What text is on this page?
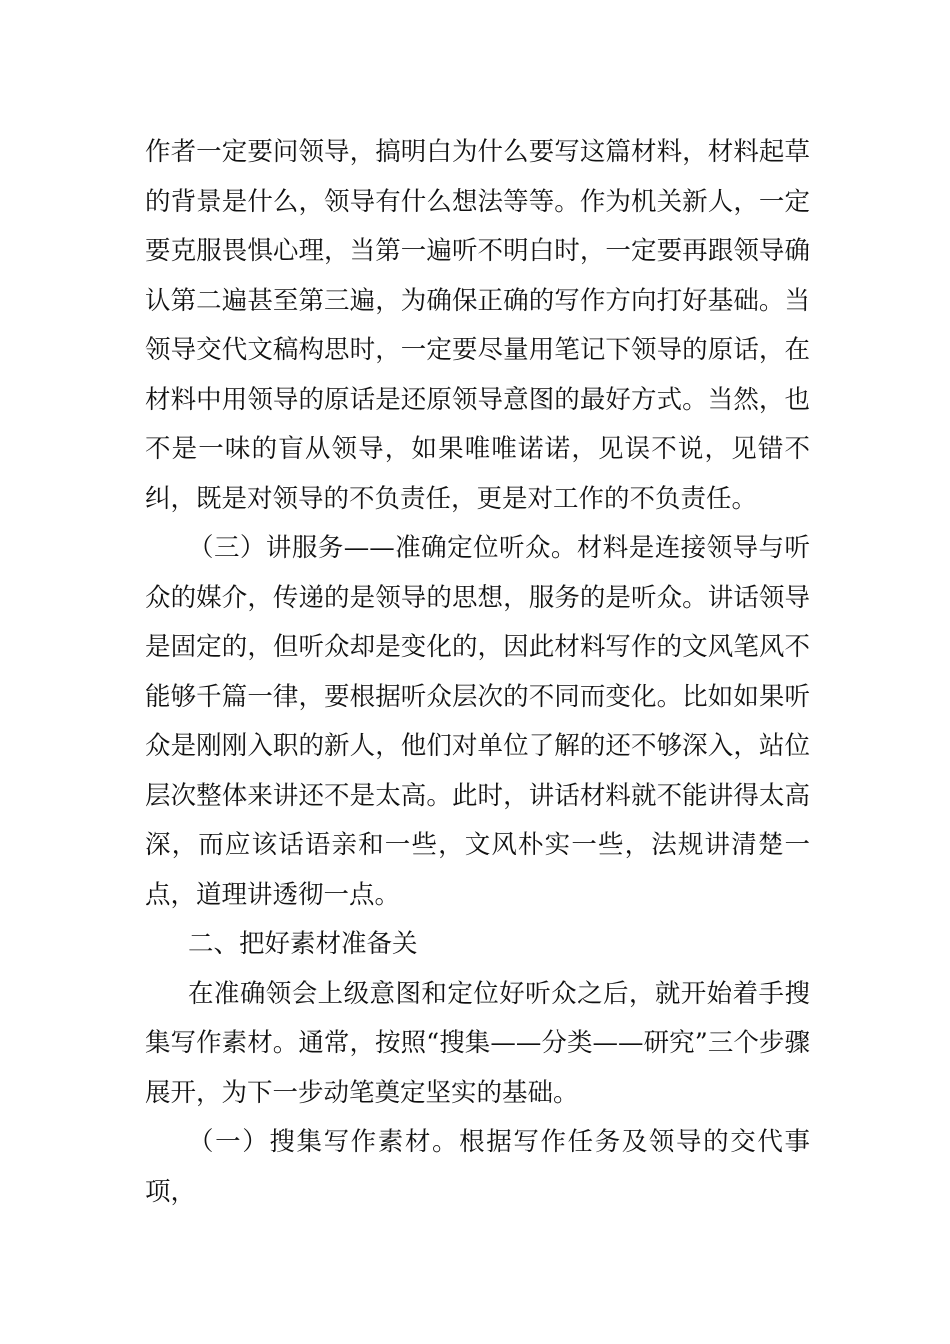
作者一定要问领导，搞明白为什么要写这篇材料，材料起草的背景是什么，领导有什么想法等等。作为机关新人，一定要克服畏惧心理，当第一遍听不明白时，一定要再跟领导确认第二遍甚至第三遍，为确保正确的写作方向打好基础。当领导交代文稿构思时，一定要尽量用笔记下领导的原话，在材料中用领导的原话是还原领导意图的最好方式。当然，也不是一味的盲从领导，如果唯唯诺诺，见误不说，见错不纠，既是对领导的不负责任，更是对工作的不负责任。

（三）讲服务——准确定位听众。材料是连接领导与听众的媒介，传递的是领导的思想，服务的是听众。讲话领导是固定的，但听众却是变化的，因此材料写作的文风笔风不能够千篇一律，要根据听众层次的不同而变化。比如如果听众是刚刚入职的新人，他们对单位了解的还不够深入，站位层次整体来讲还不是太高。此时，讲话材料就不能讲得太高深，而应该话语亲和一些，文风朴实一些，法规讲清楚一点，道理讲透彻一点。

二、把好素材准备关

在准确领会上级意图和定位好听众之后，就开始着手搜集写作素材。通常，按照“搜集——分类——研究”三个步骤展开，为下一步动笔奠定坚实的基础。

（一）搜集写作素材。根据写作任务及领导的交代事项，
